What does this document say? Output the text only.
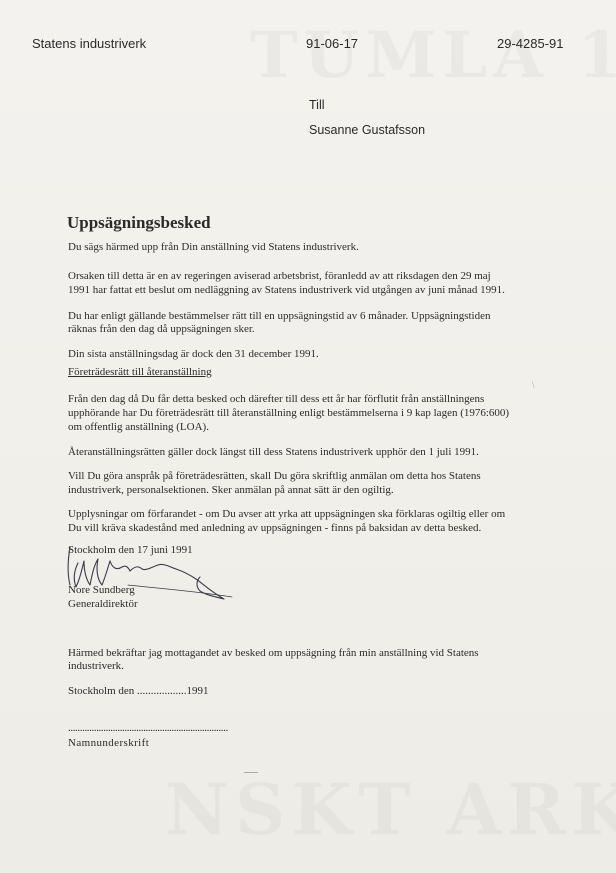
Statens industriverk	91-06-17	29-4285-91
Till
Susanne Gustafsson
Uppsägningsbesked
Du sägs härmed upp från Din anställning vid Statens industriverk.
Orsaken till detta är en av regeringen aviserad arbetsbrist, föranledd av att riksdagen den 29 maj
1991 har fattat ett beslut om nedläggning av Statens industriverk vid utgången av juni månad 1991.
Du har enligt gällande bestämmelser rätt till en uppsägningstid av 6 månader. Uppsägningstiden
räknas från den dag då uppsägningen sker.
Din sista anställningsdag är dock den 31 december 1991.
Företrädesrätt till återanställning
Från den dag då Du får detta besked och därefter till dess ett år har förflutit från anställningens
upphörande har Du företrädesrätt till återanställning enligt bestämmelserna i 9 kap lagen (1976:600)
om offentlig anställning (LOA).
Återanställningsrätten gäller dock längst till dess Statens industriverk upphör den 1 juli 1991.
Vill Du göra anspråk på företrädesrätten, skall Du göra skriftlig anmälan om detta hos Statens
industriverk, personalsektionen. Sker anmälan på annat sätt är den ogiltig.
Upplysningar om förfarandet - om Du avser att yrka att uppsägningen ska förklaras ogiltig eller om
Du vill kräva skadestånd med anledning av uppsägningen - finns på baksidan av detta besked.
Stockholm den 17 juni 1991
Nore Sundberg
Generaldirektör
Härmed bekräftar jag mottagandet av besked om uppsägning från min anställning vid Statens
industriverk.
Stockholm den ..................1991
....................................................................
Namnunderskrift
\
